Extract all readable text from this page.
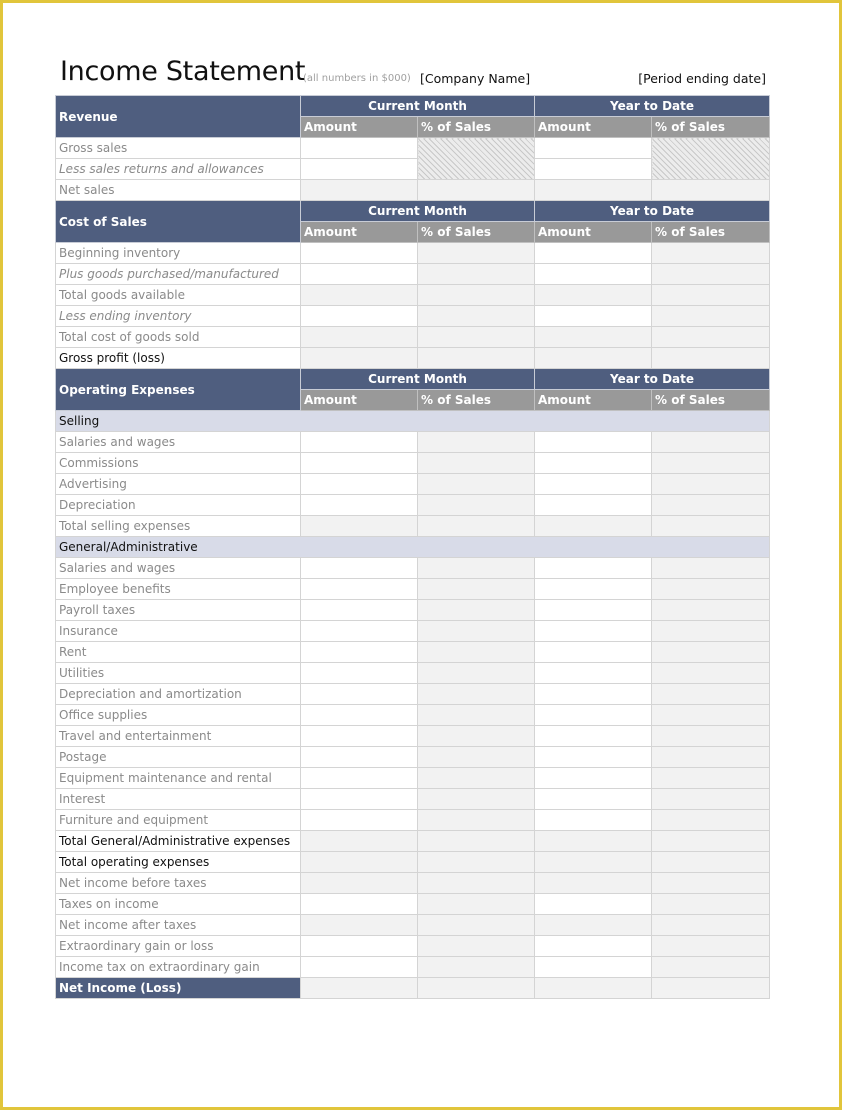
Income Statement
(all numbers in $000) [Company Name]	[Period ending date]
Revenue	Current Month		Year to Date	
	Amount	% of Sales	Amount	% of Sales
Gross sales				
Less sales returns and allowances				
Net sales				
Cost of Sales	Current Month		Year to Date	
	Amount	% of Sales	Amount	% of Sales
Beginning inventory				
Plus goods purchased/manufactured				
Total goods available				
Less ending inventory				
Total cost of goods sold				
Gross profit (loss)				
Operating Expenses	Current Month		Year to Date	
	Amount	% of Sales	Amount	% of Sales
Selling				
Salaries and wages				
Commissions				
Advertising				
Depreciation				
Total selling expenses				
General/Administrative				
Salaries and wages				
Employee benefits				
Payroll taxes				
Insurance				
Rent				
Utilities				
Depreciation and amortization				
Office supplies				
Travel and entertainment				
Postage				
Equipment maintenance and rental				
Interest				
Furniture and equipment				
Total General/Administrative expenses				
Total operating expenses				
Net income before taxes				
Taxes on income				
Net income after taxes				
Extraordinary gain or loss				
Income tax on extraordinary gain				
Net Income (Loss)				
